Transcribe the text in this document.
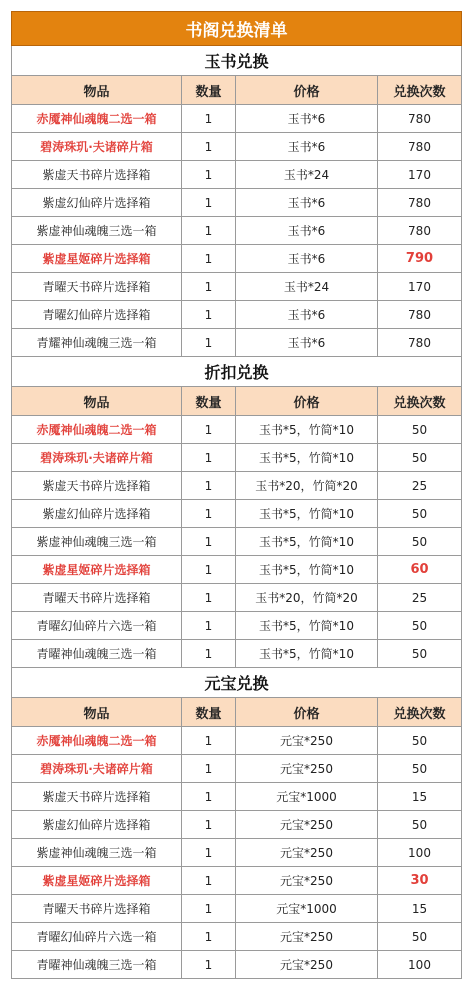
书阁兑换清单			
玉书兑换			
物品	数量	价格	兑换次数
赤魇神仙魂魄二选一箱	1	玉书*6	780
碧涛珠玑·夫诸碎片箱	1	玉书*6	780
紫虚天书碎片选择箱	1	玉书*24	170
紫虚幻仙碎片选择箱	1	玉书*6	780
紫虚神仙魂魄三选一箱	1	玉书*6	780
紫虚星姬碎片选择箱	1	玉书*6	790
青曜天书碎片选择箱	1	玉书*24	170
青曜幻仙碎片选择箱	1	玉书*6	780
青耀神仙魂魄三选一箱	1	玉书*6	780
折扣兑换			
物品	数量	价格	兑换次数
赤魇神仙魂魄二选一箱	1	玉书*5，竹简*10	50
碧涛珠玑·夫诸碎片箱	1	玉书*5，竹简*10	50
紫虚天书碎片选择箱	1	玉书*20，竹简*20	25
紫虚幻仙碎片选择箱	1	玉书*5，竹简*10	50
紫虚神仙魂魄三选一箱	1	玉书*5，竹简*10	50
紫虚星姬碎片选择箱	1	玉书*5，竹简*10	60
青曜天书碎片选择箱	1	玉书*20，竹简*20	25
青曜幻仙碎片六选一箱	1	玉书*5，竹简*10	50
青曜神仙魂魄三选一箱	1	玉书*5，竹简*10	50
元宝兑换			
物品	数量	价格	兑换次数
赤魇神仙魂魄二选一箱	1	元宝*250	50
碧涛珠玑·夫诸碎片箱	1	元宝*250	50
紫虚天书碎片选择箱	1	元宝*1000	15
紫虚幻仙碎片选择箱	1	元宝*250	50
紫虚神仙魂魄三选一箱	1	元宝*250	100
紫虚星姬碎片选择箱	1	元宝*250	30
青曜天书碎片选择箱	1	元宝*1000	15
青曜幻仙碎片六选一箱	1	元宝*250	50
青曜神仙魂魄三选一箱	1	元宝*250	100
